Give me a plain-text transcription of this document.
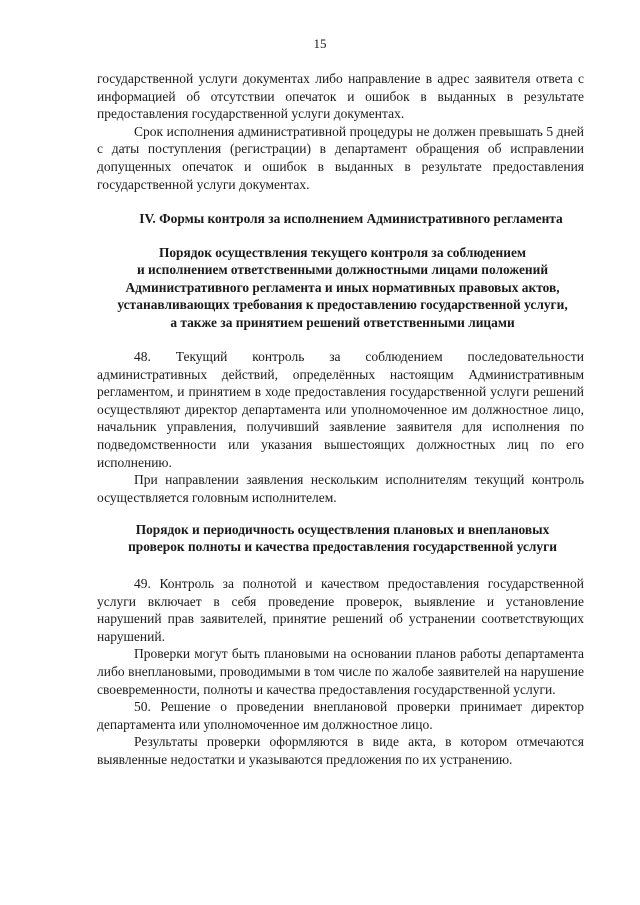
15

государственной услуги документах либо направление в адрес заявителя ответа с информацией об отсутствии опечаток и ошибок в выданных в результате предоставления государственной услуги документах.

Срок исполнения административной процедуры не должен превышать 5 дней с даты поступления (регистрации) в департамент обращения об исправлении допущенных опечаток и ошибок в выданных в результате предоставления государственной услуги документах.

IV. Формы контроля за исполнением Административного регламента
Порядок осуществления текущего контроля за соблюдением
и исполнением ответственными должностными лицами положений
Административного регламента и иных нормативных правовых актов,
устанавливающих требования к предоставлению государственной услуги,
а также за принятием решений ответственными лицами

48. Текущий контроль за соблюдением последовательности административных действий, определённых настоящим Административным регламентом, и принятием в ходе предоставления государственной услуги решений осуществляют директор департамента или уполномоченное им должностное лицо, начальник управления, получивший заявление заявителя для исполнения по подведомственности или указания вышестоящих должностных лиц по его исполнению.

При направлении заявления нескольким исполнителям текущий контроль осуществляется головным исполнителем.

Порядок и периодичность осуществления плановых и внеплановых
проверок полноты и качества предоставления государственной услуги

49. Контроль за полнотой и качеством предоставления государственной услуги включает в себя проведение проверок, выявление и установление нарушений прав заявителей, принятие решений об устранении соответствующих нарушений.

Проверки могут быть плановыми на основании планов работы департамента либо внеплановыми, проводимыми в том числе по жалобе заявителей на нарушение своевременности, полноты и качества предоставления государственной услуги.

50. Решение о проведении внеплановой проверки принимает директор департамента или уполномоченное им должностное лицо.

Результаты проверки оформляются в виде акта, в котором отмечаются выявленные недостатки и указываются предложения по их устранению.
